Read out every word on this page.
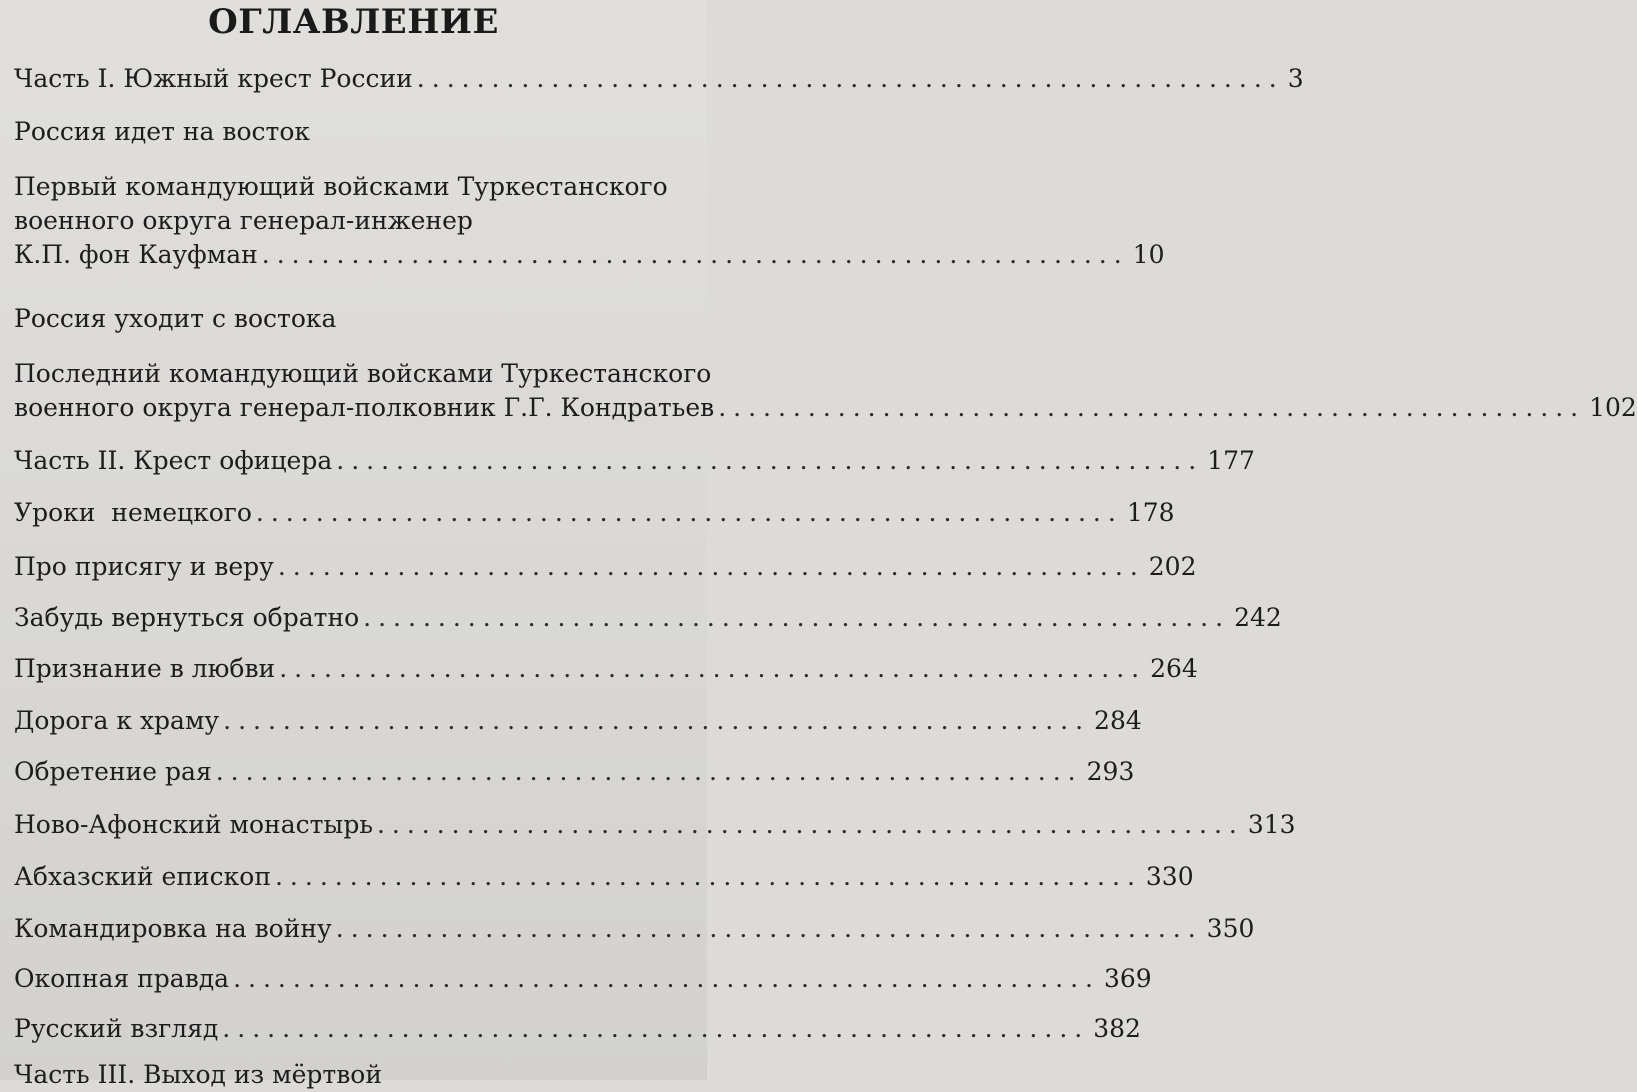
ОГЛАВЛЕНИЕ
Часть I. Южный крест России .......................................................... 3
Россия идет на восток
Первый командующий войсками Туркестанского
военного округа генерал-инженер
К.П. фон Кауфман .......................................................... 10
Россия уходит с востока
Последний командующий войсками Туркестанского
военного округа генерал-полковник Г.Г. Кондратьев .......................................................... 102
Часть II. Крест офицера .......................................................... 177
Уроки  немецкого .......................................................... 178
Про присягу и веру .......................................................... 202
Забудь вернуться обратно .......................................................... 242
Признание в любви .......................................................... 264
Дорога к храму .......................................................... 284
Обретение рая .......................................................... 293
Ново-Афонский монастырь .......................................................... 313
Абхазский епископ .......................................................... 330
Командировка на войну .......................................................... 350
Окопная правда .......................................................... 369
Русский взгляд .......................................................... 382
Часть III. Выход из мёртвой
